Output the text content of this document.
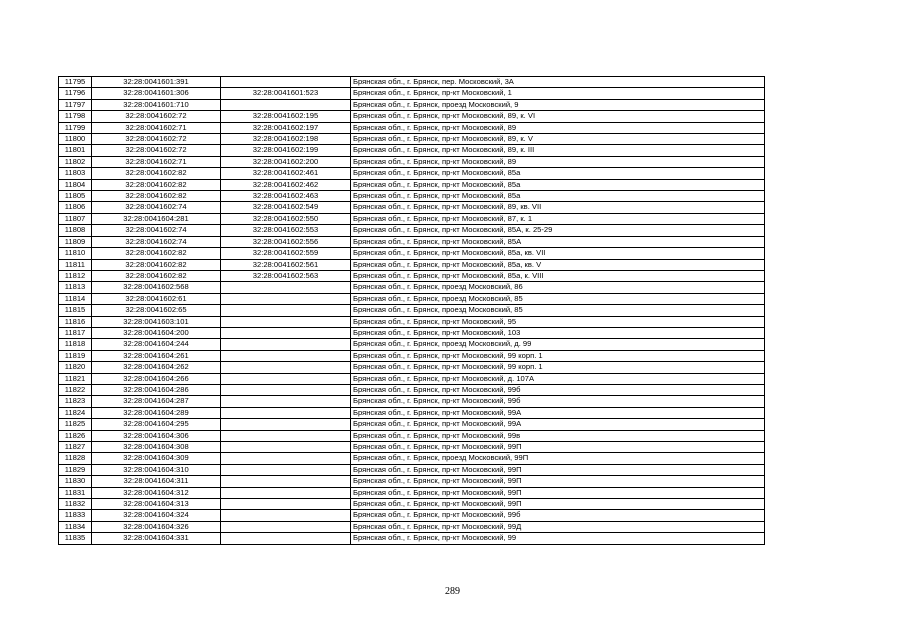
11795	32:28:0041601:391		Брянская обл., г. Брянск, пер. Московский, 3А
11796	32:28:0041601:306	32:28:0041601:523	Брянская обл., г. Брянск, пр-кт Московский, 1
11797	32:28:0041601:710		Брянская обл., г. Брянск, проезд Московский, 9
11798	32:28:0041602:72	32:28:0041602:195	Брянская обл., г. Брянск, пр-кт Московский, 89, к. VI
11799	32:28:0041602:71	32:28:0041602:197	Брянская обл., г. Брянск, пр-кт Московский, 89
11800	32:28:0041602:72	32:28:0041602:198	Брянская обл., г. Брянск, пр-кт Московский, 89, к. V
11801	32:28:0041602:72	32:28:0041602:199	Брянская обл., г. Брянск, пр-кт Московский, 89, к. III
11802	32:28:0041602:71	32:28:0041602:200	Брянская обл., г. Брянск, пр-кт Московский, 89
11803	32:28:0041602:82	32:28:0041602:461	Брянская обл., г. Брянск, пр-кт Московский, 85а
11804	32:28:0041602:82	32:28:0041602:462	Брянская обл., г. Брянск, пр-кт Московский, 85а
11805	32:28:0041602:82	32:28:0041602:463	Брянская обл., г. Брянск, пр-кт Московский, 85а
11806	32:28:0041602:74	32:28:0041602:549	Брянская обл., г. Брянск, пр-кт Московский, 89, кв. VII
11807	32:28:0041604:281	32:28:0041602:550	Брянская обл., г. Брянск, пр-кт Московский, 87, к. 1
11808	32:28:0041602:74	32:28:0041602:553	Брянская обл., г. Брянск, пр-кт Московский, 85А, к. 25-29
11809	32:28:0041602:74	32:28:0041602:556	Брянская обл., г. Брянск, пр-кт Московский, 85А
11810	32:28:0041602:82	32:28:0041602:559	Брянская обл., г. Брянск, пр-кт Московский, 85а, кв. VII
11811	32:28:0041602:82	32:28:0041602:561	Брянская обл., г. Брянск, пр-кт Московский, 85а, кв. V
11812	32:28:0041602:82	32:28:0041602:563	Брянская обл., г. Брянск, пр-кт Московский, 85а, к. VIII
11813	32:28:0041602:568		Брянская обл., г. Брянск, проезд Московский, 86
11814	32:28:0041602:61		Брянская обл., г. Брянск, проезд Московский, 85
11815	32:28:0041602:65		Брянская обл., г. Брянск, проезд Московский, 85
11816	32:28:0041603:101		Брянская обл., г. Брянск, пр-кт Московский, 95
11817	32:28:0041604:200		Брянская обл., г. Брянск, пр-кт Московский, 103
11818	32:28:0041604:244		Брянская обл., г. Брянск, проезд Московский, д. 99
11819	32:28:0041604:261		Брянская обл., г. Брянск, пр-кт Московский, 99 корп. 1
11820	32:28:0041604:262		Брянская обл., г. Брянск, пр-кт Московский, 99 корп. 1
11821	32:28:0041604:266		Брянская обл., г. Брянск, пр-кт Московский, д. 107А
11822	32:28:0041604:286		Брянская обл., г. Брянск, пр-кт Московский, 99б
11823	32:28:0041604:287		Брянская обл., г. Брянск, пр-кт Московский, 99б
11824	32:28:0041604:289		Брянская обл., г. Брянск, пр-кт Московский, 99А
11825	32:28:0041604:295		Брянская обл., г. Брянск, пр-кт Московский, 99А
11826	32:28:0041604:306		Брянская обл., г. Брянск, пр-кт Московский, 99в
11827	32:28:0041604:308		Брянская обл., г. Брянск, пр-кт Московский, 99П
11828	32:28:0041604:309		Брянская обл., г. Брянск, проезд Московский, 99П
11829	32:28:0041604:310		Брянская обл., г. Брянск, пр-кт Московский, 99П
11830	32:28:0041604:311		Брянская обл., г. Брянск, пр-кт Московский, 99П
11831	32:28:0041604:312		Брянская обл., г. Брянск, пр-кт Московский, 99П
11832	32:28:0041604:313		Брянская обл., г. Брянск, пр-кт Московский, 99П
11833	32:28:0041604:324		Брянская обл., г. Брянск, пр-кт Московский, 99б
11834	32:28:0041604:326		Брянская обл., г. Брянск, пр-кт Московский, 99Д
11835	32:28:0041604:331		Брянская обл., г. Брянск, пр-кт Московский, 99
289
